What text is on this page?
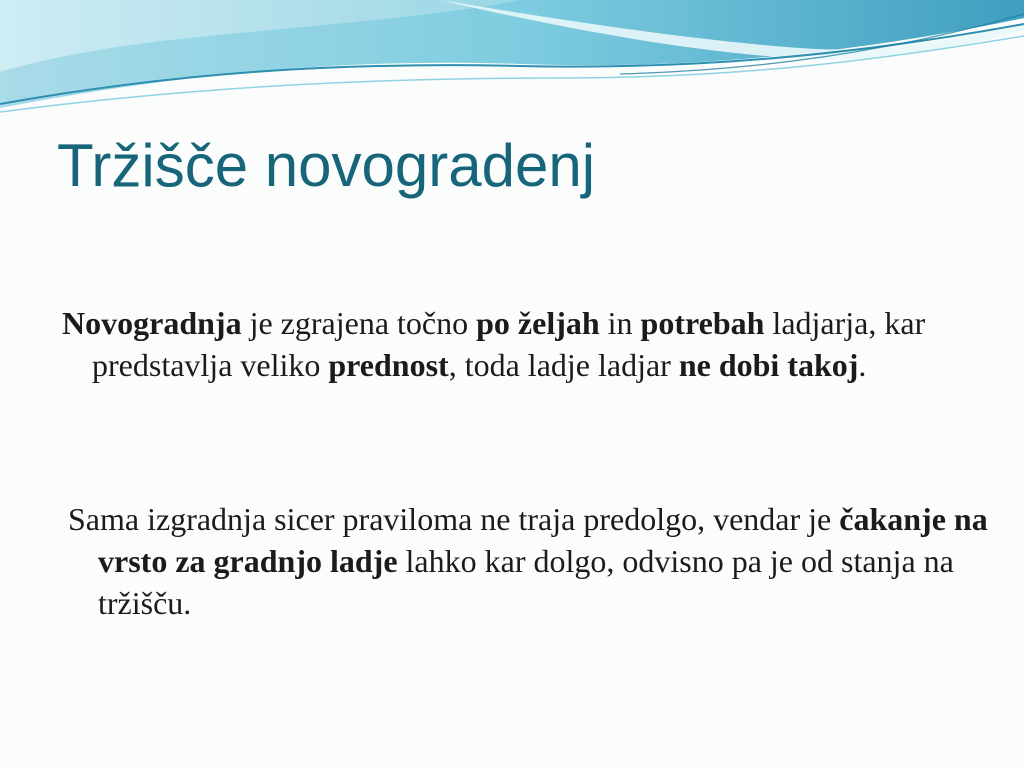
Tržišče novogradenj

Novogradnja je zgrajena točno po željah in potrebah ladjarja, kar predstavlja veliko prednost, toda ladje ladjar ne dobi takoj.

Sama izgradnja sicer praviloma ne traja predolgo, vendar je čakanje na vrsto za gradnjo ladje lahko kar dolgo, odvisno pa je od stanja na tržišču.
